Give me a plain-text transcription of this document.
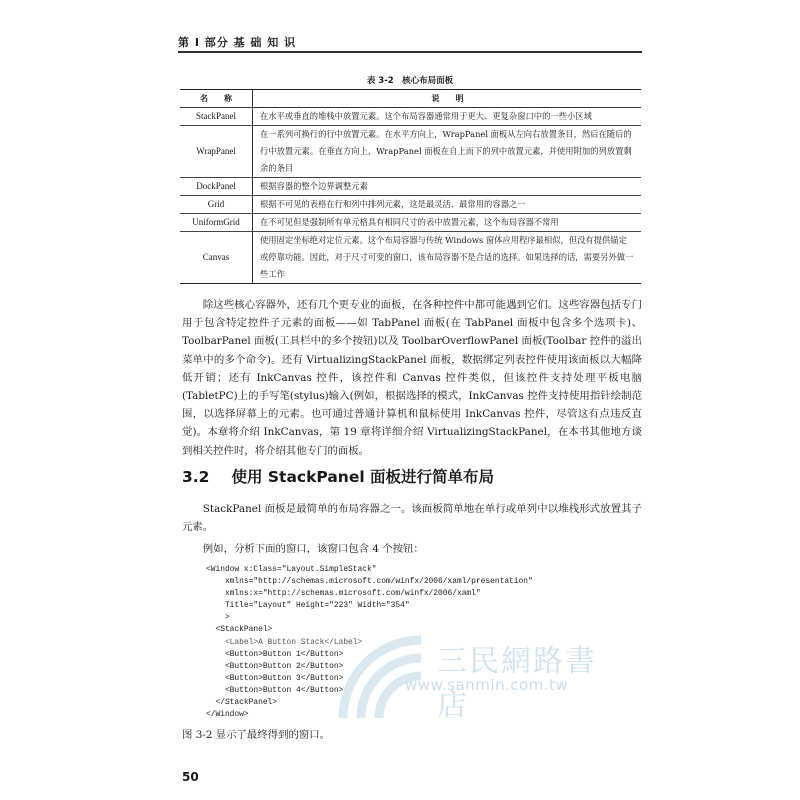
第 I 部分 基 础 知 识
表 3-2　核心布局面板
名　　称	说　　明
StackPanel	在水平或垂直的堆栈中放置元素。这个布局容器通常用于更大、更复杂窗口中的一些小区域
WrapPanel	在一系列可换行的行中放置元素。在水平方向上，WrapPanel 面板从左向右放置条目，然后在随后的行中放置元素。在垂直方向上，WrapPanel 面板在自上而下的列中放置元素，并使用附加的列放置剩余的条目
DockPanel	根据容器的整个边界调整元素
Grid	根据不可见的表格在行和列中排列元素，这是最灵活、最常用的容器之一
UniformGrid	在不可见但是强制所有单元格具有相同尺寸的表中放置元素，这个布局容器不常用
Canvas	使用固定坐标绝对定位元素。这个布局容器与传统 Windows 窗体应用程序最相似，但没有提供锚定或停靠功能。因此，对于尺寸可变的窗口，该布局容器不是合适的选择。如果选择的话，需要另外做一些工作

除这些核心容器外，还有几个更专业的面板，在各种控件中都可能遇到它们。这些容器包括专门用于包含特定控件子元素的面板——如 TabPanel 面板(在 TabPanel 面板中包含多个选项卡)、ToolbarPanel 面板(工具栏中的多个按钮)以及 ToolbarOverflowPanel 面板(Toolbar 控件的溢出菜单中的多个命令)。还有 VirtualizingStackPanel 面板，数据绑定列表控件使用该面板以大幅降低开销；还有 InkCanvas 控件，该控件和 Canvas 控件类似，但该控件支持处理平板电脑(TabletPC)上的手写笔(stylus)输入(例如，根据选择的模式，InkCanvas 控件支持使用指针绘制范围，以选择屏幕上的元素。也可通过普通计算机和鼠标使用 InkCanvas 控件，尽管这有点违反直觉)。本章将介绍 InkCanvas，第 19 章将详细介绍 VirtualizingStackPanel，在本书其他地方谈到相关控件时，将介绍其他专门的面板。

3.2 使用 StackPanel 面板进行简单布局

StackPanel 面板是最简单的布局容器之一。该面板简单地在单行或单列中以堆栈形式放置其子元素。

例如，分析下面的窗口，该窗口包含 4 个按钮：

<Window x:Class="Layout.SimpleStack"
xmlns="http://schemas.microsoft.com/winfx/2006/xaml/presentation"
xmlns:x="http://schemas.microsoft.com/winfx/2006/xaml"
Title="Layout" Height="223" Width="354"
>
<StackPanel>
<Label>A Button Stack</Label>
<Button>Button 1</Button>
<Button>Button 2</Button>
<Button>Button 3</Button>
<Button>Button 4</Button>
</StackPanel>
</Window>
三民網路書店
www.sanmin.com.tw

图 3-2 显示了最终得到的窗口。

50
